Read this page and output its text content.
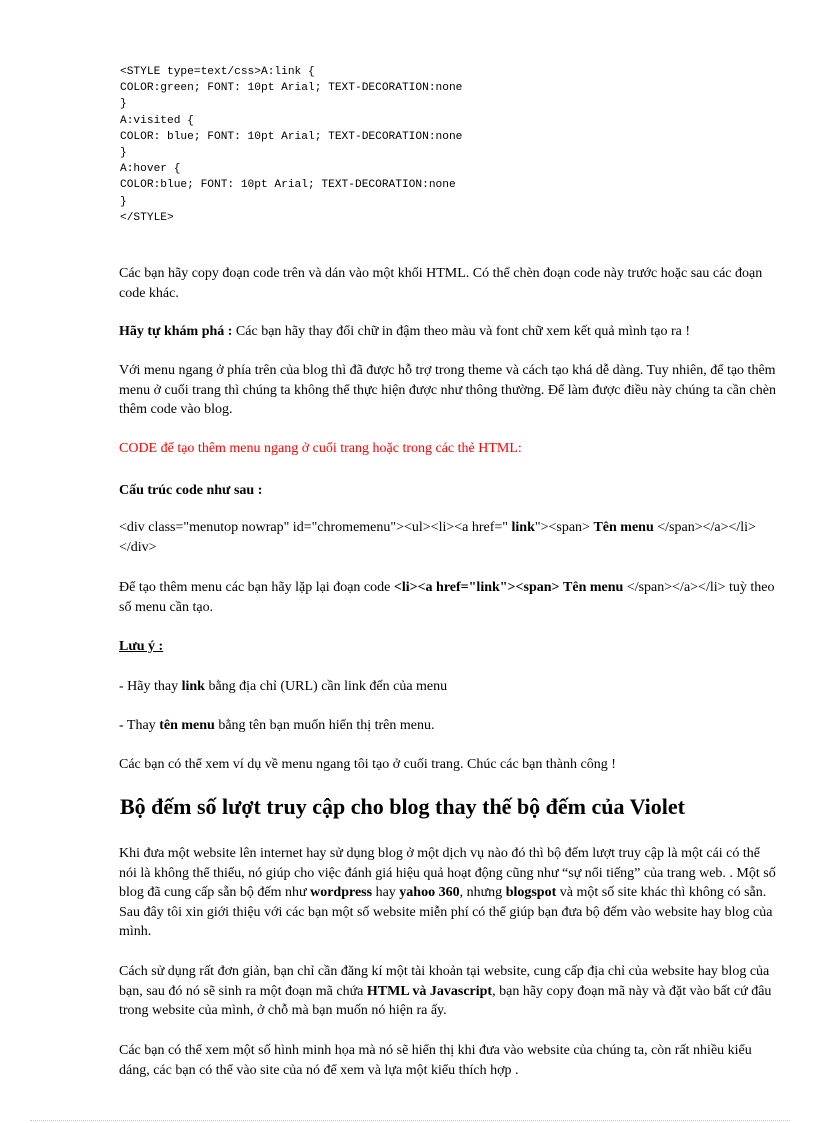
<STYLE type=text/css>A:link {
COLOR:green; FONT: 10pt Arial; TEXT-DECORATION:none
}
A:visited {
COLOR: blue; FONT: 10pt Arial; TEXT-DECORATION:none
}
A:hover {
COLOR:blue; FONT: 10pt Arial; TEXT-DECORATION:none
}
</STYLE>

Các bạn hãy copy đoạn code trên và dán vào một khối HTML. Có thể chèn đoạn code này trước hoặc sau các đoạn code khác.

Hãy tự khám phá : Các bạn hãy thay đổi chữ in đậm theo màu và font chữ xem kết quả mình tạo ra !

Với menu ngang ở phía trên của blog thì đã được hỗ trợ trong theme và cách tạo khá dễ dàng. Tuy nhiên, để tạo thêm menu ở cuối trang thì chúng ta không thể thực hiện được như thông thường. Để làm được điều này chúng ta cần chèn thêm code vào blog.

CODE để tạo thêm menu ngang ở cuối trang hoặc trong các thẻ HTML:

Cấu trúc code như sau :

<div class="menutop nowrap" id="chromemenu"><ul><li><a href=" link"><span> Tên menu </span></a></li></div>

Để tạo thêm menu các bạn hãy lặp lại đoạn code <li><a href="link"><span> Tên menu </span></a></li> tuỳ theo số menu cần tạo.

Lưu ý :

- Hãy thay link bằng địa chỉ (URL) cần link đến của menu

- Thay tên menu bằng tên bạn muốn hiển thị trên menu.

Các bạn có thể xem ví dụ về menu ngang tôi tạo ở cuối trang. Chúc các bạn thành công !

Bộ đếm số lượt truy cập cho blog thay thế bộ đếm của Violet

Khi đưa một website lên internet hay sử dụng blog ở một dịch vụ nào đó thì bộ đếm lượt truy cập là một cái có thể nói là không thể thiếu, nó giúp cho việc đánh giá hiệu quả hoạt động cũng như “sự nổi tiếng” của trang web. . Một số blog đã cung cấp sẵn bộ đếm như wordpress hay yahoo 360, nhưng blogspot và một số site khác thì không có sẵn. Sau đây tôi xin giới thiệu với các bạn một số website miễn phí có thể giúp bạn đưa bộ đếm vào website hay blog của mình.

Cách sử dụng rất đơn giản, bạn chỉ cần đăng kí một tài khoản tại website, cung cấp địa chỉ của website hay blog của bạn, sau đó nó sẽ sinh ra một đoạn mã chứa HTML và Javascript, bạn hãy copy đoạn mã này và đặt vào bất cứ đâu trong website của mình, ở chỗ mà bạn muốn nó hiện ra ấy.

Các bạn có thể xem một số hình minh họa mà nó sẽ hiển thị khi đưa vào website của chúng ta, còn rất nhiều kiểu dáng, các bạn có thể vào site của nó để xem và lựa một kiểu thích hợp .
